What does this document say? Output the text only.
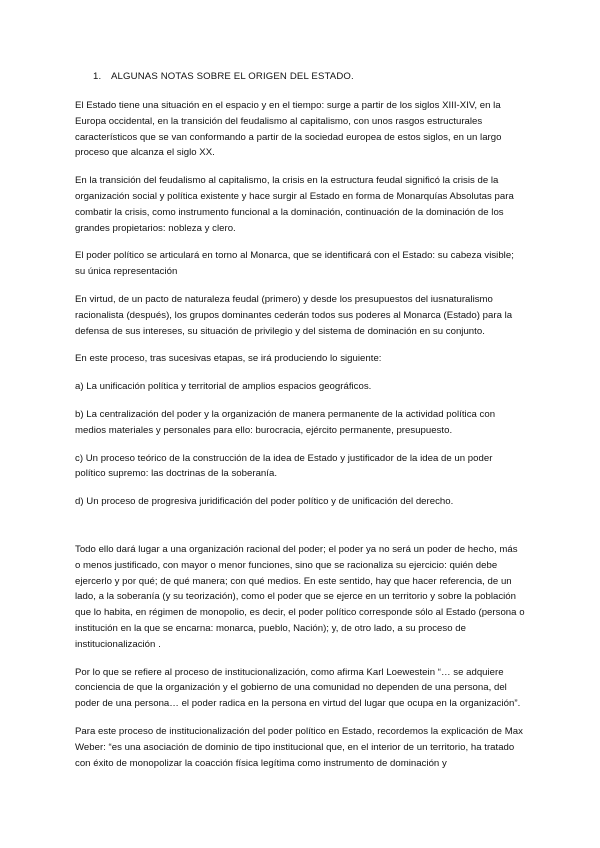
1. ALGUNAS NOTAS SOBRE EL ORIGEN DEL ESTADO.

El Estado tiene una situación en el espacio y en el tiempo: surge a partir de los siglos XIII-XIV, en la Europa occidental, en la transición del feudalismo al capitalismo, con unos rasgos estructurales característicos que se van conformando a partir de la sociedad europea de estos siglos, en un largo proceso que alcanza el siglo XX.

En la transición del feudalismo al capitalismo, la crisis en la estructura feudal significó la crisis de la organización social y política existente y hace surgir al Estado en forma de Monarquías Absolutas para combatir la crisis, como instrumento funcional a la dominación, continuación de la dominación de los grandes propietarios: nobleza y clero.

El poder político se articulará en torno al Monarca, que se identificará con el Estado: su cabeza visible; su única representación

En virtud, de un pacto de naturaleza feudal (primero) y desde los presupuestos del iusnaturalismo racionalista (después), los grupos dominantes cederán todos sus poderes al Monarca (Estado) para la defensa de sus intereses, su situación de privilegio y del sistema de dominación en su conjunto.

En este proceso, tras sucesivas etapas, se irá produciendo lo siguiente:

a) La unificación política y territorial de amplios espacios geográficos.

b) La centralización del poder y la organización de manera permanente de la actividad política con medios materiales y personales para ello: burocracia, ejército permanente, presupuesto.

c) Un proceso teórico de la construcción de la idea de Estado y justificador de la idea de un poder político supremo: las doctrinas de la soberanía.

d) Un proceso de progresiva juridificación del poder político y de unificación del derecho.

Todo ello dará lugar a una organización racional del poder; el poder ya no será un poder de hecho, más o menos justificado, con mayor o menor funciones, sino que se racionaliza su ejercicio: quién debe ejercerlo y por qué; de qué manera; con qué medios. En este sentido, hay que hacer referencia, de un lado, a la soberanía (y su teorización), como el poder que se ejerce en un territorio y sobre la población que lo habita, en régimen de monopolio, es decir, el poder político corresponde sólo al Estado (persona o institución en la que se encarna: monarca, pueblo, Nación); y, de otro lado, a su proceso de institucionalización .

Por lo que se refiere al proceso de institucionalización, como afirma Karl Loewestein “… se adquiere conciencia de que la organización y el gobierno de una comunidad no dependen de una persona, del poder de una persona… el poder radica en la persona en virtud del lugar que ocupa en la organización”.

Para este proceso de institucionalización del poder político en Estado, recordemos la explicación de Max Weber: “es una asociación de dominio de tipo institucional que, en el interior de un territorio, ha tratado con éxito de monopolizar la coacción física legítima como instrumento de dominación y
